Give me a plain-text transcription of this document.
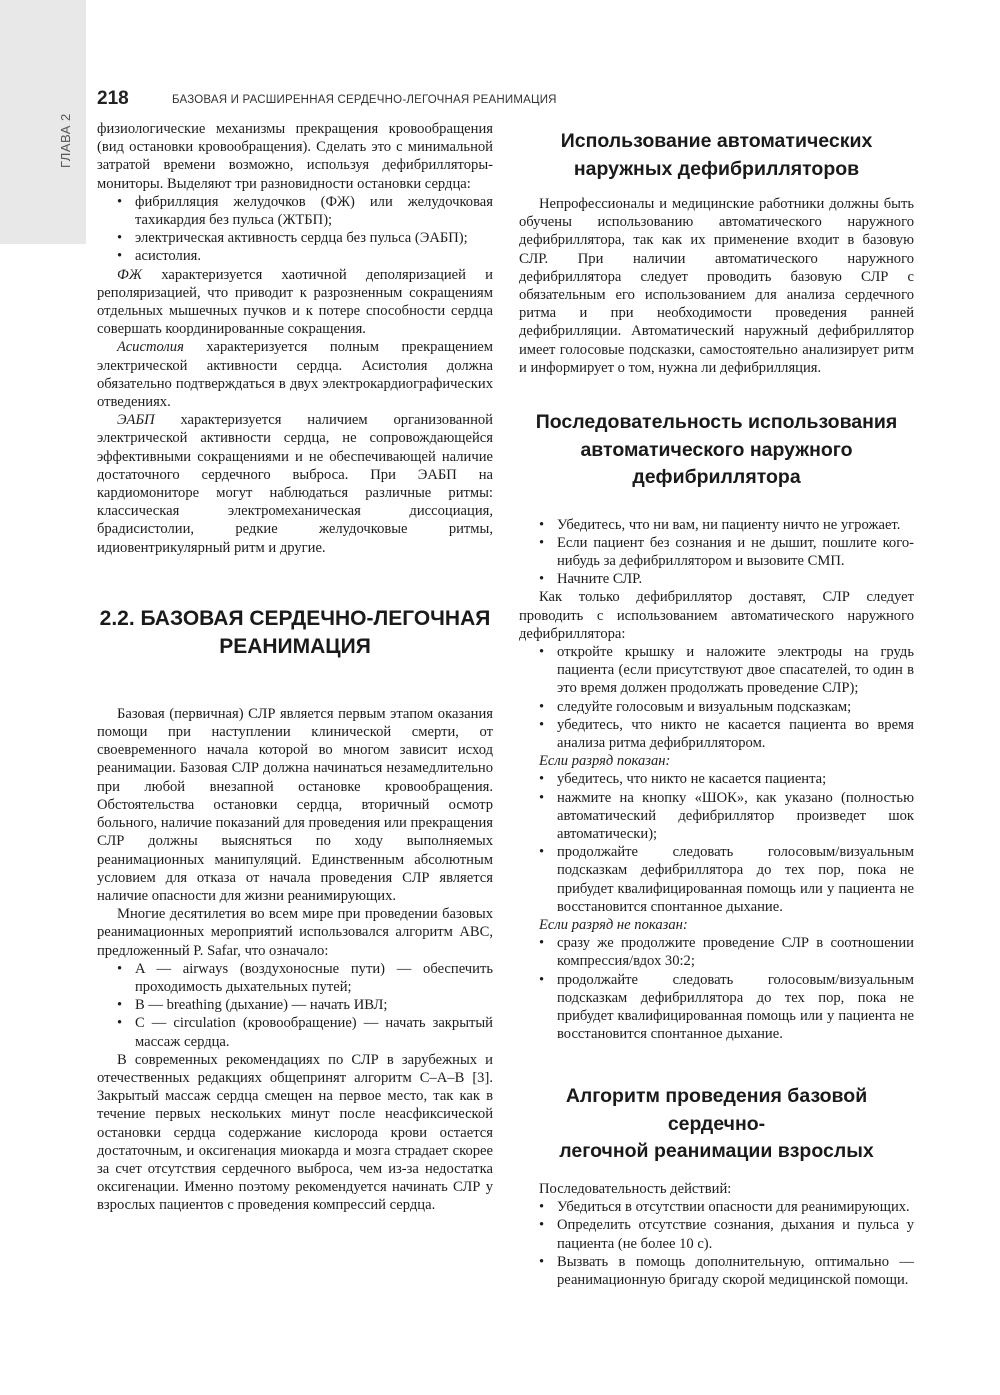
ГЛАВА 2
218	БАЗОВАЯ И РАСШИРЕННАЯ СЕРДЕЧНО-ЛЕГОЧНАЯ РЕАНИМАЦИЯ

физиологические механизмы прекращения кровообращения (вид остановки кровообращения). Сделать это с минимальной затратой времени возможно, используя дефибрилляторы-мониторы. Выделяют три разновидности остановки сердца:

• фибрилляция желудочков (ФЖ) или желудочковая тахикардия без пульса (ЖТБП);
• электрическая активность сердца без пульса (ЭАБП);
• асистолия.

ФЖ характеризуется хаотичной деполяризацией и реполяризацией, что приводит к разрозненным сокращениям отдельных мышечных пучков и к потере способности сердца совершать координированные сокращения.

Асистолия характеризуется полным прекращением электрической активности сердца. Асистолия должна обязательно подтверждаться в двух электрокардиографических отведениях.

ЭАБП характеризуется наличием организованной электрической активности сердца, не сопровождающейся эффективными сокращениями и не обеспечивающей наличие достаточного сердечного выброса. При ЭАБП на кардиомониторе могут наблюдаться различные ритмы: классическая электромеханическая диссоциация, брадисистолии, редкие желудочковые ритмы, идиовентрикулярный ритм и другие.

2.2. БАЗОВАЯ СЕРДЕЧНО-ЛЕГОЧНАЯ
РЕАНИМАЦИЯ

Базовая (первичная) СЛР является первым этапом оказания помощи при наступлении клинической смерти, от своевременного начала которой во многом зависит исход реанимации. Базовая СЛР должна начинаться незамедлительно при любой внезапной остановке кровообращения. Обстоятельства остановки сердца, вторичный осмотр больного, наличие показаний для проведения или прекращения СЛР должны выясняться по ходу выполняемых реанимационных манипуляций. Единственным абсолютным условием для отказа от начала проведения СЛР является наличие опасности для жизни реанимирующих.

Многие десятилетия во всем мире при проведении базовых реанимационных мероприятий использовался алгоритм ABC, предложенный P. Safar, что означало:

• A — airways (воздухоносные пути) — обеспечить проходимость дыхательных путей;
• B — breathing (дыхание) — начать ИВЛ;
• C — circulation (кровообращение) — начать закрытый массаж сердца.

В современных рекомендациях по СЛР в зарубежных и отечественных редакциях общепринят алгоритм C–A–B [3]. Закрытый массаж сердца смещен на первое место, так как в течение первых нескольких минут после неасфиксической остановки сердца содержание кислорода крови остается достаточным, и оксигенация миокарда и мозга страдает скорее за счет отсутствия сердечного выброса, чем из-за недостатка оксигенации. Именно поэтому рекомендуется начинать СЛР у взрослых пациентов с проведения компрессий сердца.

Использование автоматических
наружных дефибрилляторов

Непрофессионалы и медицинские работники должны быть обучены использованию автоматического наружного дефибриллятора, так как их применение входит в базовую СЛР. При наличии автоматического наружного дефибриллятора следует проводить базовую СЛР с обязательным его использованием для анализа сердечного ритма и при необходимости проведения ранней дефибрилляции. Автоматический наружный дефибриллятор имеет голосовые подсказки, самостоятельно анализирует ритм и информирует о том, нужна ли дефибрилляция.

Последовательность использования
автоматического наружного
дефибриллятора
• Убедитесь, что ни вам, ни пациенту ничто не угрожает.
• Если пациент без сознания и не дышит, пошлите кого-нибудь за дефибриллятором и вызовите СМП.
• Начните СЛР.

Как только дефибриллятор доставят, СЛР следует проводить с использованием автоматического наружного дефибриллятора:

• откройте крышку и наложите электроды на грудь пациента (если присутствуют двое спасателей, то один в это время должен продолжать проведение СЛР);
• следуйте голосовым и визуальным подсказкам;
• убедитесь, что никто не касается пациента во время анализа ритма дефибриллятором.
Если разряд показан:
• убедитесь, что никто не касается пациента;
• нажмите на кнопку «ШОК», как указано (полностью автоматический дефибриллятор произведет шок автоматически);
• продолжайте следовать голосовым/визуальным подсказкам дефибриллятора до тех пор, пока не прибудет квалифицированная помощь или у пациента не восстановится спонтанное дыхание.
Если разряд не показан:
• сразу же продолжите проведение СЛР в соотношении компрессия/вдох 30:2;
• продолжайте следовать голосовым/визуальным подсказкам дефибриллятора до тех пор, пока не прибудет квалифицированная помощь или у пациента не восстановится спонтанное дыхание.
Алгоритм проведения базовой сердечно-
легочной реанимации взрослых

Последовательность действий:

• Убедиться в отсутствии опасности для реанимирующих.
• Определить отсутствие сознания, дыхания и пульса у пациента (не более 10 с).
• Вызвать в помощь дополнительную, оптимально — реанимационную бригаду скорой медицинской помощи.
